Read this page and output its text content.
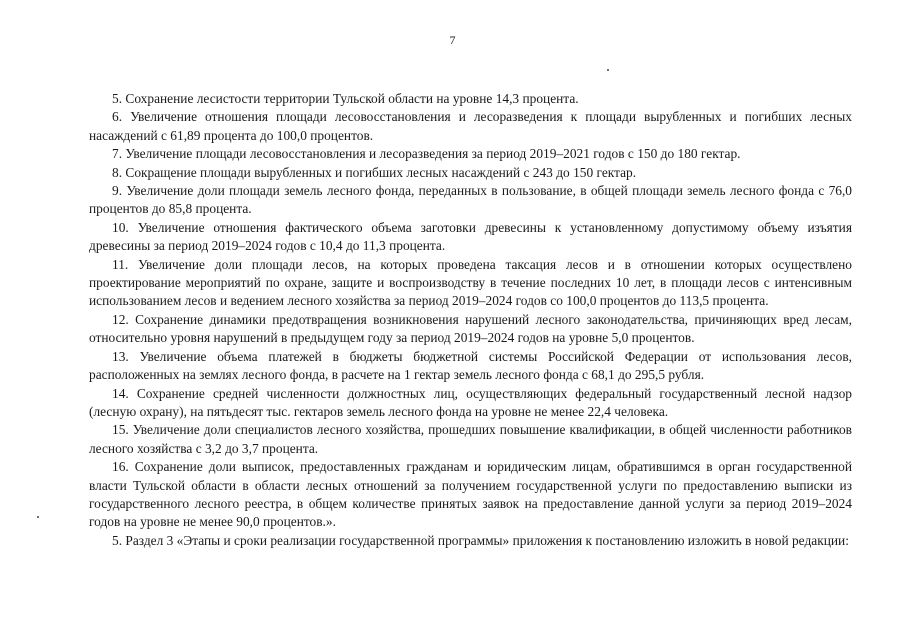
7

5. Сохранение лесистости территории Тульской области на уровне 14,3 процента.

6. Увеличение отношения площади лесовосстановления и лесоразведения к площади вырубленных и погибших лесных насаждений с 61,89 процента до 100,0 процентов.

7. Увеличение площади лесовосстановления и лесоразведения за период 2019–2021 годов с 150 до 180 гектар.

8. Сокращение площади вырубленных и погибших лесных насаждений с 243 до 150 гектар.

9. Увеличение доли площади земель лесного фонда, переданных в пользование, в общей площади земель лесного фонда с 76,0 процентов до 85,8 процента.

10. Увеличение отношения фактического объема заготовки древесины к установленному допустимому объему изъятия древесины за период 2019–2024 годов с 10,4 до 11,3 процента.

11. Увеличение доли площади лесов, на которых проведена таксация лесов и в отношении которых осуществлено проектирование мероприятий по охране, защите и воспроизводству в течение последних 10 лет, в площади лесов с интенсивным использованием лесов и ведением лесного хозяйства за период 2019–2024 годов со 100,0 процентов до 113,5 процента.

12. Сохранение динамики предотвращения возникновения нарушений лесного законодательства, причиняющих вред лесам, относительно уровня нарушений в предыдущем году за период 2019–2024 годов на уровне 5,0 процентов.

13. Увеличение объема платежей в бюджеты бюджетной системы Российской Федерации от использования лесов, расположенных на землях лесного фонда, в расчете на 1 гектар земель лесного фонда с 68,1 до 295,5 рубля.

14. Сохранение средней численности должностных лиц, осуществляющих федеральный государственный лесной надзор (лесную охрану), на пятьдесят тыс. гектаров земель лесного фонда на уровне не менее 22,4 человека.

15. Увеличение доли специалистов лесного хозяйства, прошедших повышение квалификации, в общей численности работников лесного хозяйства с 3,2 до 3,7 процента.

16. Сохранение доли выписок, предоставленных гражданам и юридическим лицам, обратившимся в орган государственной власти Тульской области в области лесных отношений за получением государственной услуги по предоставлению выписки из государственного лесного реестра, в общем количестве принятых заявок на предоставление данной услуги за период 2019–2024 годов на уровне не менее 90,0 процентов.».

5. Раздел 3 «Этапы и сроки реализации государственной программы» приложения к постановлению изложить в новой редакции:
